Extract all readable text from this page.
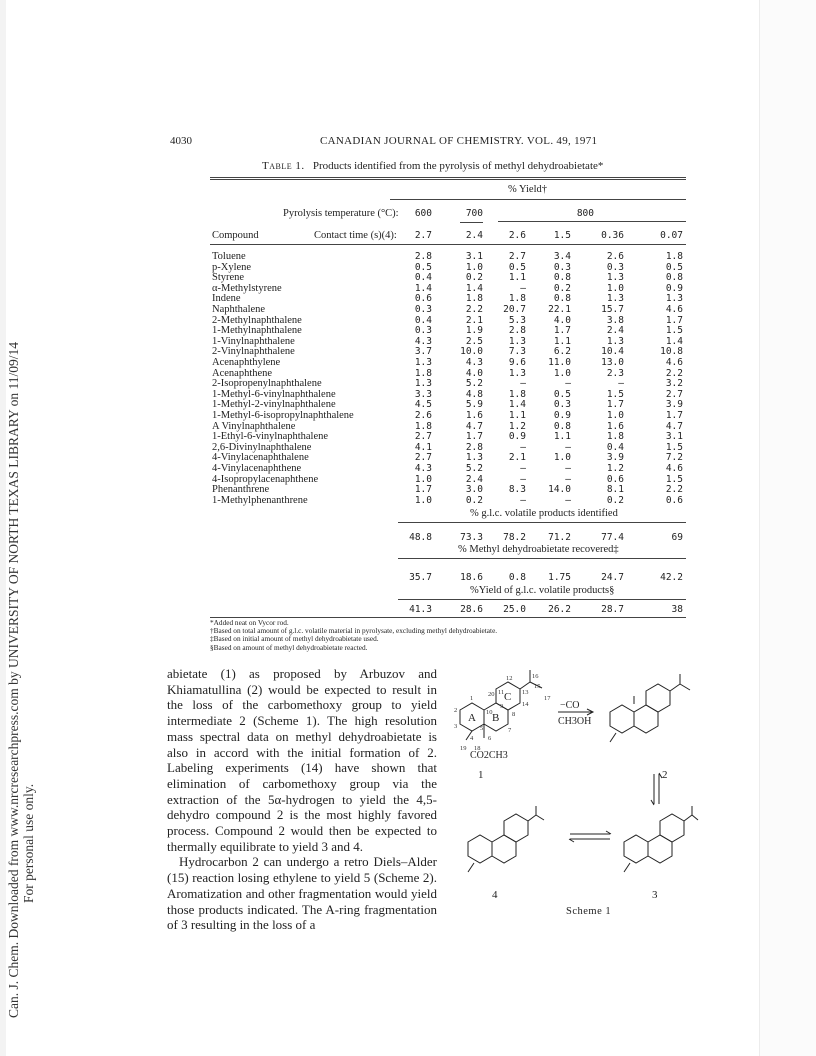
Can. J. Chem. Downloaded from www.nrcresearchpress.com by UNIVERSITY OF NORTH TEXAS LIBRARY on 11/09/14 For personal use only.
4030	CANADIAN JOURNAL OF CHEMISTRY. VOL. 49, 1971
Table 1. Products identified from the pyrolysis of methyl dehydroabietate*
% Yield†
Pyrolysis temperature (°C):	600	700	800
Compound	Contact time (s)(4):	2.7	2.4	2.6	1.5	0.36	0.07
Toluene	2.8	3.1	2.7	3.4	2.6	1.8
p-Xylene	0.5	1.0	0.5	0.3	0.3	0.5
Styrene	0.4	0.2	1.1	0.8	1.3	0.8
α-Methylstyrene	1.4	1.4	—	0.2	1.0	0.9
Indene	0.6	1.8	1.8	0.8	1.3	1.3
Naphthalene	0.3	2.2	20.7	22.1	15.7	4.6
2-Methylnaphthalene	0.4	2.1	5.3	4.0	3.8	1.7
1-Methylnaphthalene	0.3	1.9	2.8	1.7	2.4	1.5
1-Vinylnaphthalene	4.3	2.5	1.3	1.1	1.3	1.4
2-Vinylnaphthalene	3.7	10.0	7.3	6.2	10.4	10.8
Acenaphthylene	1.3	4.3	9.6	11.0	13.0	4.6
Acenaphthene	1.8	4.0	1.3	1.0	2.3	2.2
2-Isopropenylnaphthalene	1.3	5.2	—	—	—	3.2
1-Methyl-6-vinylnaphthalene	3.3	4.8	1.8	0.5	1.5	2.7
1-Methyl-2-vinylnaphthalene	4.5	5.9	1.4	0.3	1.7	3.9
1-Methyl-6-isopropylnaphthalene	2.6	1.6	1.1	0.9	1.0	1.7
A Vinylnaphthalene	1.8	4.7	1.2	0.8	1.6	4.7
1-Ethyl-6-vinylnaphthalene	2.7	1.7	0.9	1.1	1.8	3.1
2,6-Divinylnaphthalene	4.1	2.8	—	—	0.4	1.5
4-Vinylacenaphthalene	2.7	1.3	2.1	1.0	3.9	7.2
4-Vinylacenaphthene	4.3	5.2	—	—	1.2	4.6
4-Isopropylacenaphthene	1.0	2.4	—	—	0.6	1.5
Phenanthrene	1.7	3.0	8.3	14.0	8.1	2.2
1-Methylphenanthrene	1.0	0.2	—	—	0.2	0.6
% g.l.c. volatile products identified
48.8	73.3	78.2	71.2	77.4	69
% Methyl dehydroabietate recovered‡
35.7	18.6	0.8	1.75	24.7	42.2
%Yield of g.l.c. volatile products§
41.3	28.6	25.0	26.2	28.7	38
*Added neat on Vycor rod.
†Based on total amount of g.l.c. volatile material in pyrolysate, excluding methyl dehydroabietate.
‡Based on initial amount of methyl dehydroabietate used.
§Based on amount of methyl dehydroabietate reacted.

abietate (1) as proposed by Arbuzov and Khiamatullina (2) would be expected to result in the loss of the carbomethoxy group to yield intermediate 2 (Scheme 1). The high resolution mass spectral data on methyl dehydroabietate is also in accord with the initial formation of 2. Labeling experiments (14) have shown that elimination of carbomethoxy group via the extraction of the 5α-hydrogen to yield the 4,5-dehydro compound 2 is the most highly favored process. Compound 2 would then be expected to thermally equilibrate to yield 3 and 4.

Hydrocarbon 2 can undergo a retro Diels–Alder (15) reaction losing ethylene to yield 5 (Scheme 2). Aromatization and other fragmentation would yield those products indicated. The A-ring fragmentation of 3 resulting in the loss of a

A B
C
CO2CH3
−CO
CH3OH
1	2
3
4
16
15
17
12
13
11
20
14
9
8
1
10
2
3	5	7
4 6
19 18
Scheme 1
